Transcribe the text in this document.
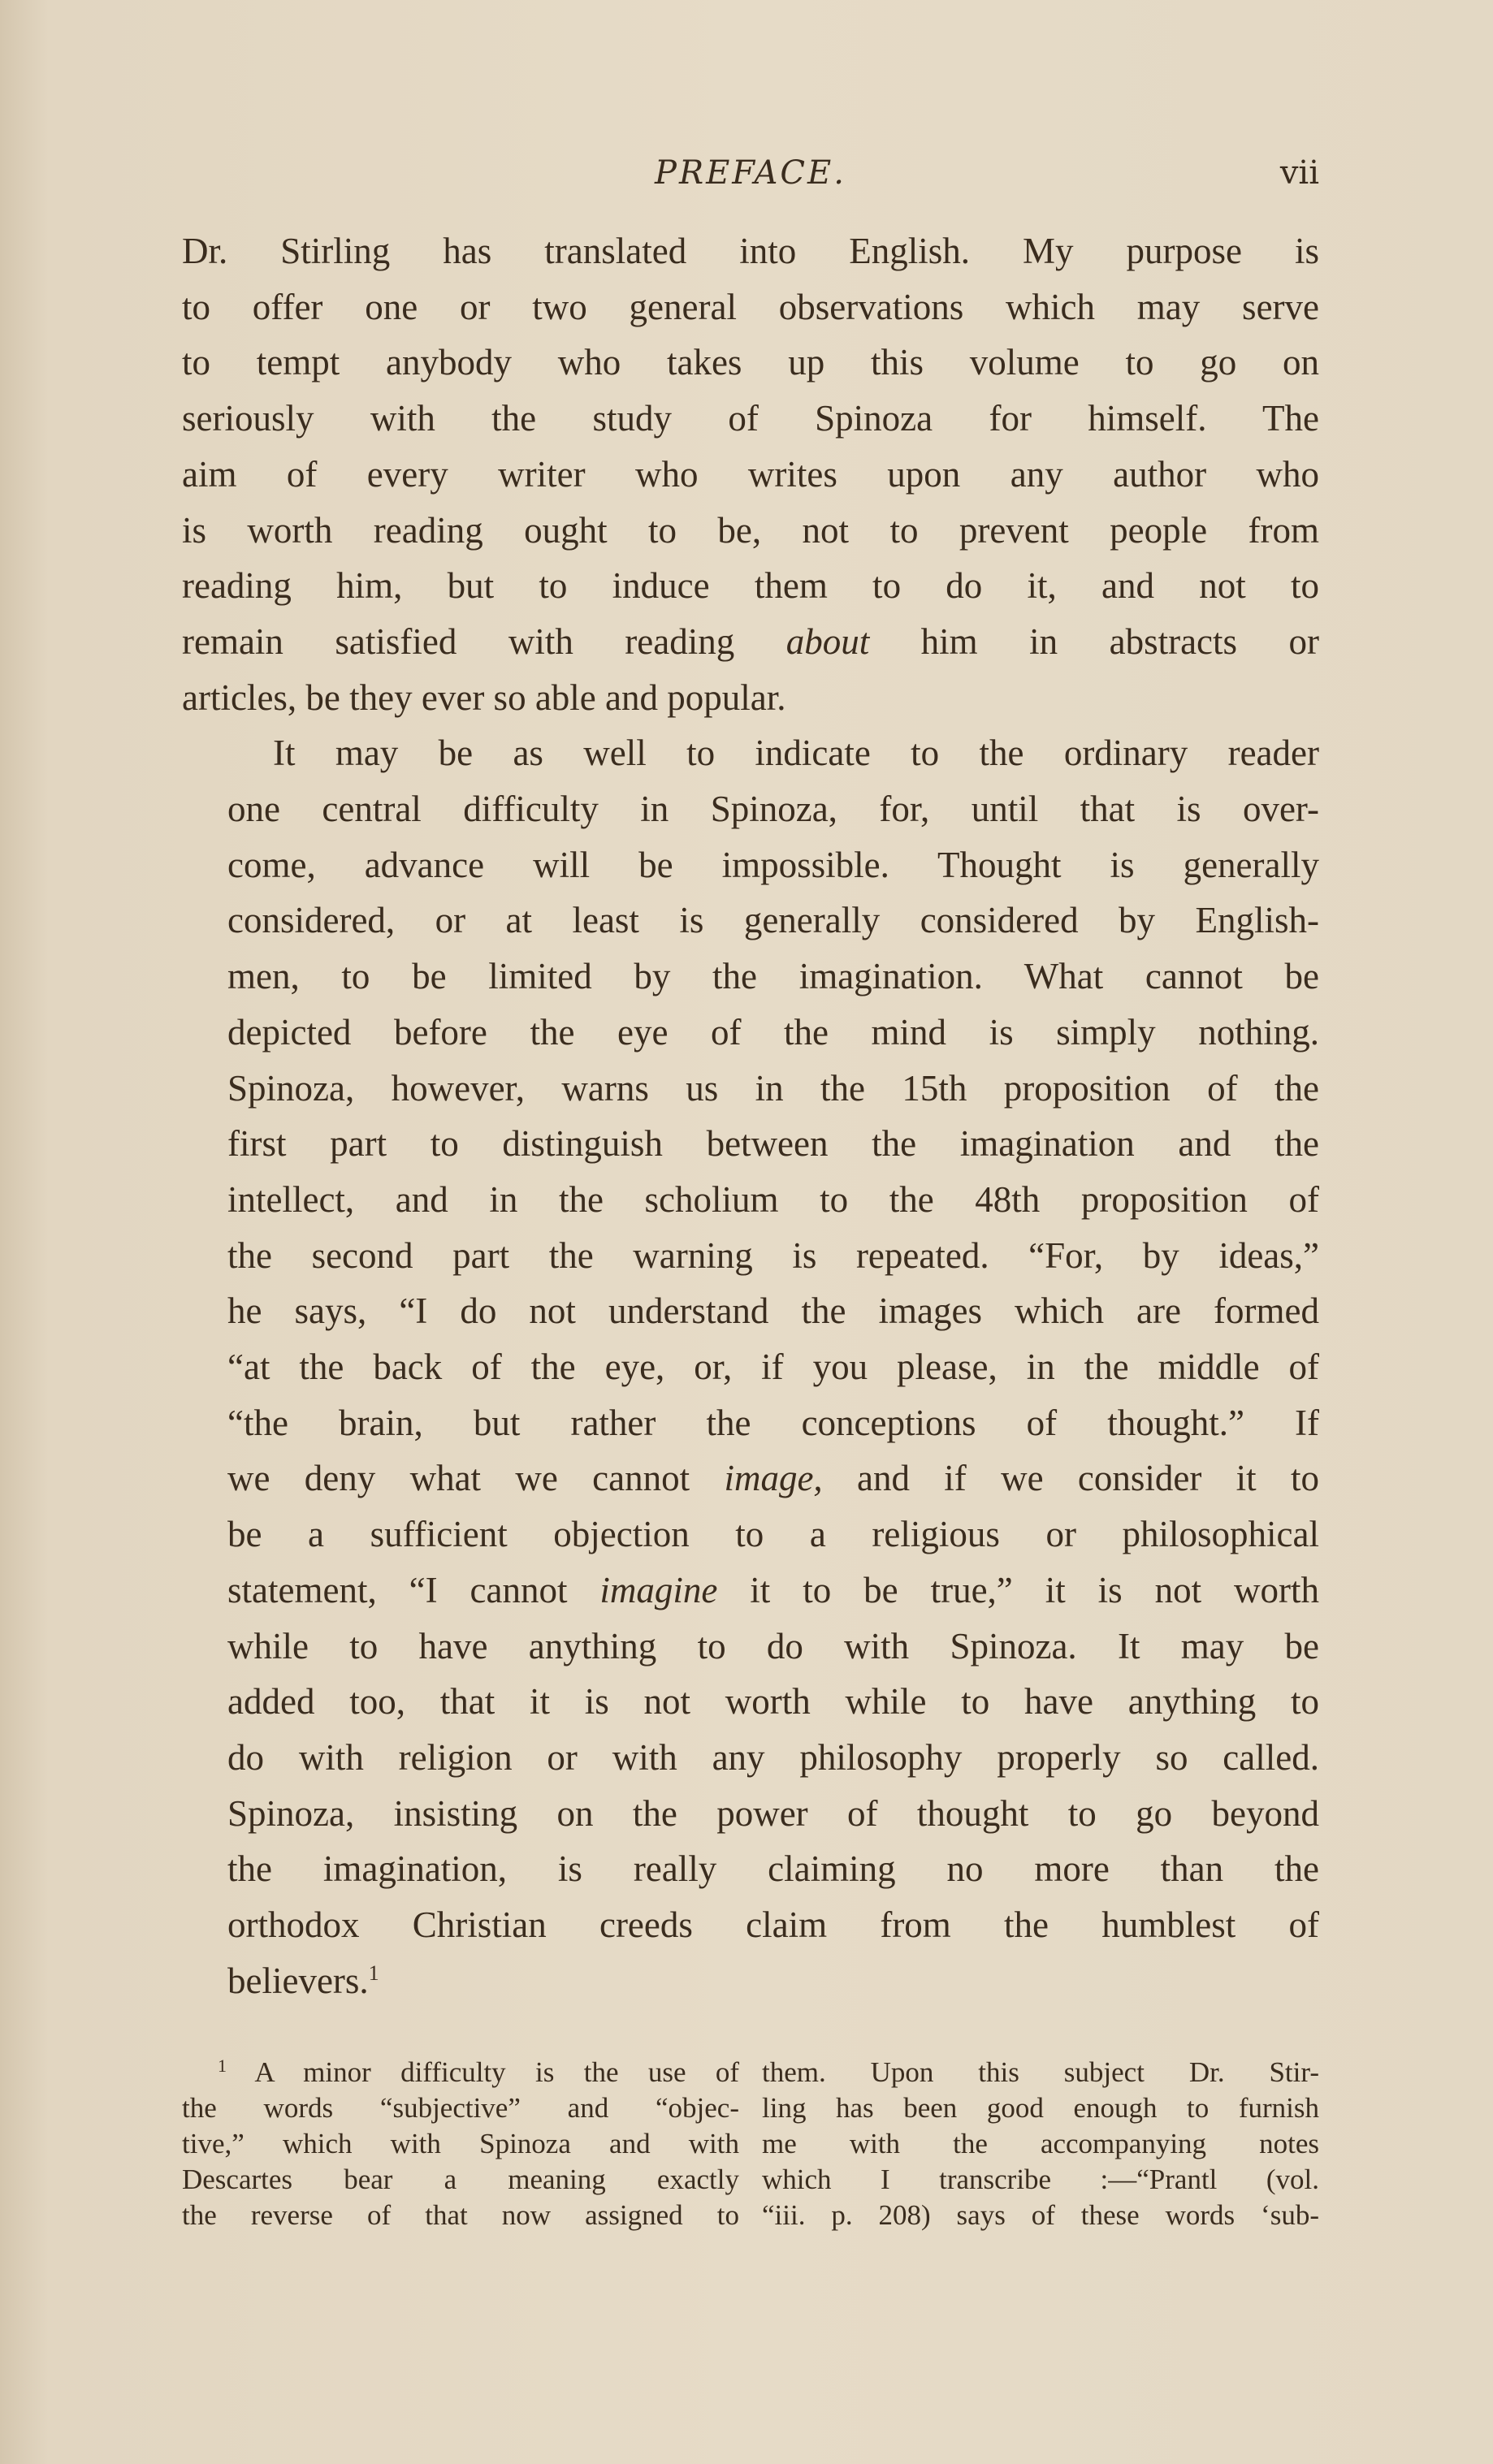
PREFACE.	vii

Dr. Stirling has translated into English. My purpose is
to offer one or two general observations which may serve
to tempt anybody who takes up this volume to go on
seriously with the study of Spinoza for himself. The
aim of every writer who writes upon any author who
is worth reading ought to be, not to prevent people from
reading him, but to induce them to do it, and not to
remain satisfied with reading about him in abstracts or
articles, be they ever so able and popular.

It may be as well to indicate to the ordinary reader
one central difficulty in Spinoza, for, until that is over-
come, advance will be impossible. Thought is generally
considered, or at least is generally considered by English-
men, to be limited by the imagination. What cannot be
depicted before the eye of the mind is simply nothing.
Spinoza, however, warns us in the 15th proposition of the
first part to distinguish between the imagination and the
intellect, and in the scholium to the 48th proposition of
the second part the warning is repeated. “For, by ideas,”
he says, “I do not understand the images which are formed
“at the back of the eye, or, if you please, in the middle of
“the brain, but rather the conceptions of thought.” If
we deny what we cannot image, and if we consider it to
be a sufficient objection to a religious or philosophical
statement, “I cannot imagine it to be true,” it is not worth
while to have anything to do with Spinoza. It may be
added too, that it is not worth while to have anything to
do with religion or with any philosophy properly so called.
Spinoza, insisting on the power of thought to go beyond
the imagination, is really claiming no more than the
orthodox Christian creeds claim from the humblest of
believers.$^1$

$^1$ A minor difficulty is the use of
the words “subjective” and “objec-
tive,” which with Spinoza and with
Descartes bear a meaning exactly
the reverse of that now assigned to
them. Upon this subject Dr. Stir-
ling has been good enough to furnish
me with the accompanying notes
which I transcribe :—“Prantl (vol.
“iii. p. 208) says of these words ‘sub-
